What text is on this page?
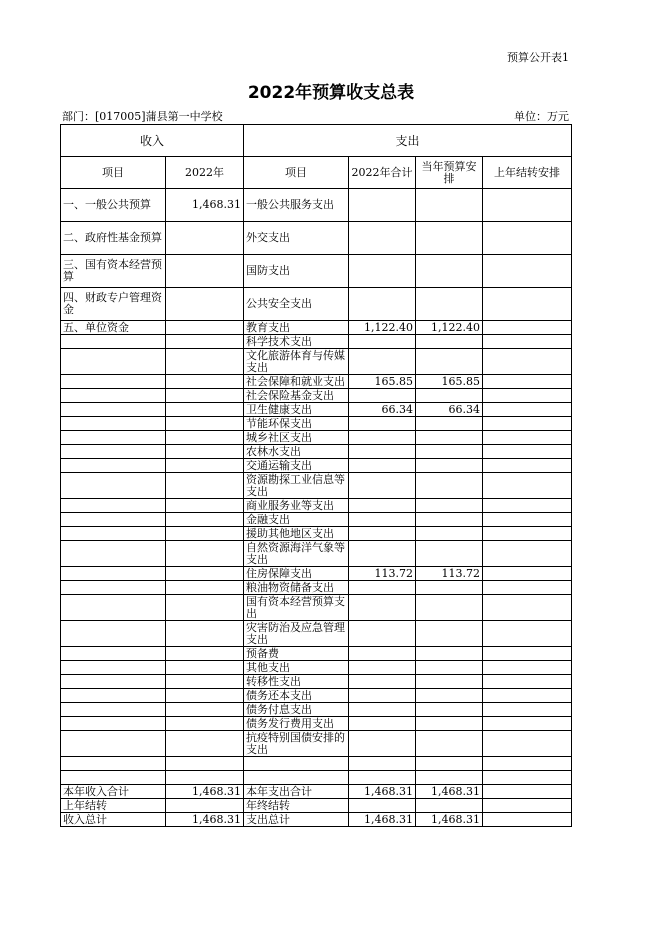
预算公开表1
2022年预算收支总表
部门：[017005]蒲县第一中学校	单位：万元
收入		支出			
项目	2022年	项目	2022年合计	当年预算安排	上年结转安排
一、一般公共预算	1,468.31	一般公共服务支出			
二、政府性基金预算		外交支出			
三、国有资本经营预算		国防支出			
四、财政专户管理资金		公共安全支出			
五、单位资金		教育支出	1,122.40	1,122.40	
		科学技术支出			
		文化旅游体育与传媒支出			
		社会保障和就业支出	165.85	165.85	
		社会保险基金支出			
		卫生健康支出	66.34	66.34	
		节能环保支出			
		城乡社区支出			
		农林水支出			
		交通运输支出			
		资源勘探工业信息等支出			
		商业服务业等支出			
		金融支出			
		援助其他地区支出			
		自然资源海洋气象等支出			
		住房保障支出	113.72	113.72	
		粮油物资储备支出			
		国有资本经营预算支出			
		灾害防治及应急管理支出			
		预备费			
		其他支出			
		转移性支出			
		债务还本支出			
		债务付息支出			
		债务发行费用支出			
		抗疫特别国债安排的支出			

本年收入合计	1,468.31	本年支出合计	1,468.31	1,468.31	
上年结转		年终结转			
收入总计	1,468.31	支出总计	1,468.31	1,468.31	
